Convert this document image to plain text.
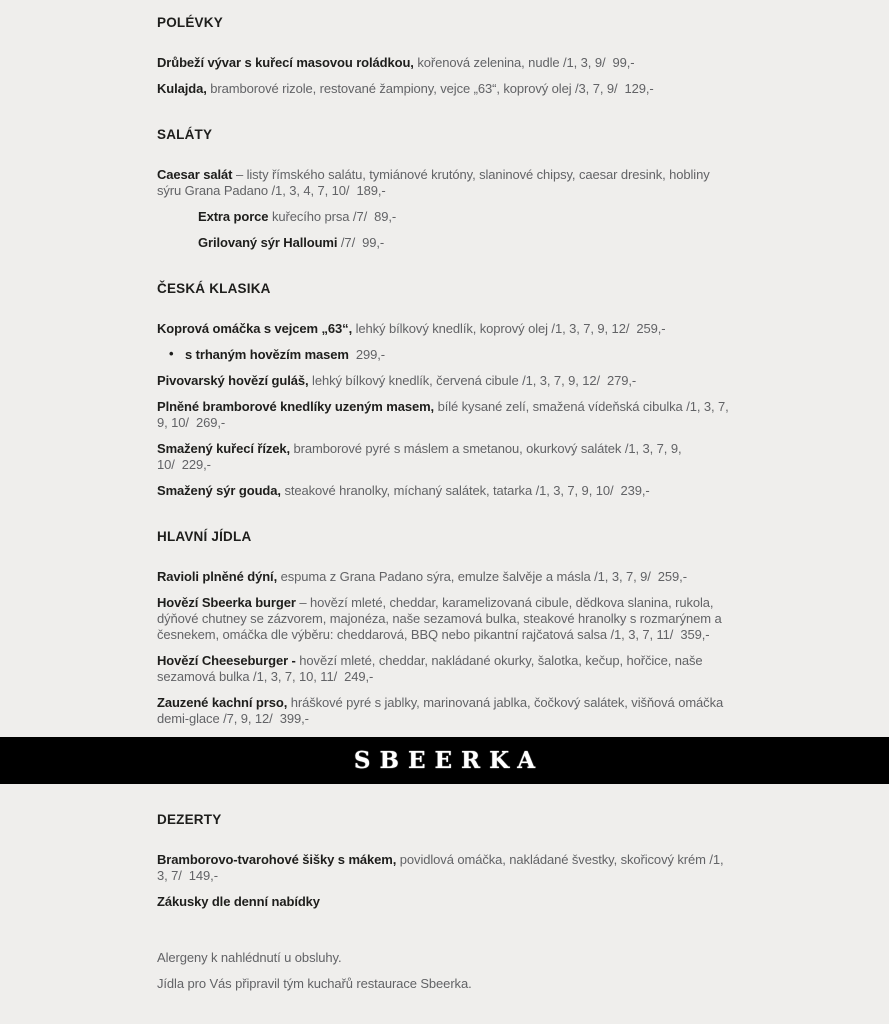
POLÉVKY

Drůbeží vývar s kuřecí masovou roládkou, kořenová zelenina, nudle /1, 3, 9/ 99,-

Kulajda, bramborové rizole, restované žampiony, vejce „63“, koprový olej /3, 7, 9/ 129,-

SALÁTY

Caesar salát – listy římského salátu, tymiánové krutóny, slaninové chipsy, caesar dresink, hobliny sýru Grana Padano /1, 3, 4, 7, 10/ 189,-

Extra porce kuřecího prsa /7/ 89,-

Grilovaný sýr Halloumi /7/ 99,-

ČESKÁ KLASIKA

Koprová omáčka s vejcem „63“, lehký bílkový knedlík, koprový olej /1, 3, 7, 9, 12/ 259,-

• s trhaným hovězím masem 299,-

Pivovarský hovězí guláš, lehký bílkový knedlík, červená cibule /1, 3, 7, 9, 12/ 279,-

Plněné bramborové knedlíky uzeným masem, bílé kysané zelí, smažená vídeňská cibulka /1, 3, 7, 9, 10/ 269,-

Smažený kuřecí řízek, bramborové pyré s máslem a smetanou, okurkový salátek /1, 3, 7, 9, 10/ 229,-

Smažený sýr gouda, steakové hranolky, míchaný salátek, tatarka /1, 3, 7, 9, 10/ 239,-

HLAVNÍ JÍDLA

Ravioli plněné dýní, espuma z Grana Padano sýra, emulze šalvěje a másla /1, 3, 7, 9/ 259,-

Hovězí Sbeerka burger – hovězí mleté, cheddar, karamelizovaná cibule, dědkova slanina, rukola, dýňové chutney se zázvorem, majonéza, naše sezamová bulka, steakové hranolky s rozmarýnem a česnekem, omáčka dle výběru: cheddarová, BBQ nebo pikantní rajčatová salsa /1, 3, 7, 11/ 359,-

Hovězí Cheeseburger - hovězí mleté, cheddar, nakládané okurky, šalotka, kečup, hořčice, naše sezamová bulka /1, 3, 7, 10, 11/ 249,-

Zauzené kachní prso, hráškové pyré s jablky, marinovaná jablka, čočkový salátek, višňová omáčka demi-glace /7, 9, 12/ 399,-

SBEERKA
DEZERTY

Bramborovo-tvarohové šišky s mákem, povidlová omáčka, nakládané švestky, skořicový krém /1, 3, 7/ 149,-

Zákusky dle denní nabídky

Alergeny k nahlédnutí u obsluhy.

Jídla pro Vás připravil tým kuchařů restaurace Sbeerka.
